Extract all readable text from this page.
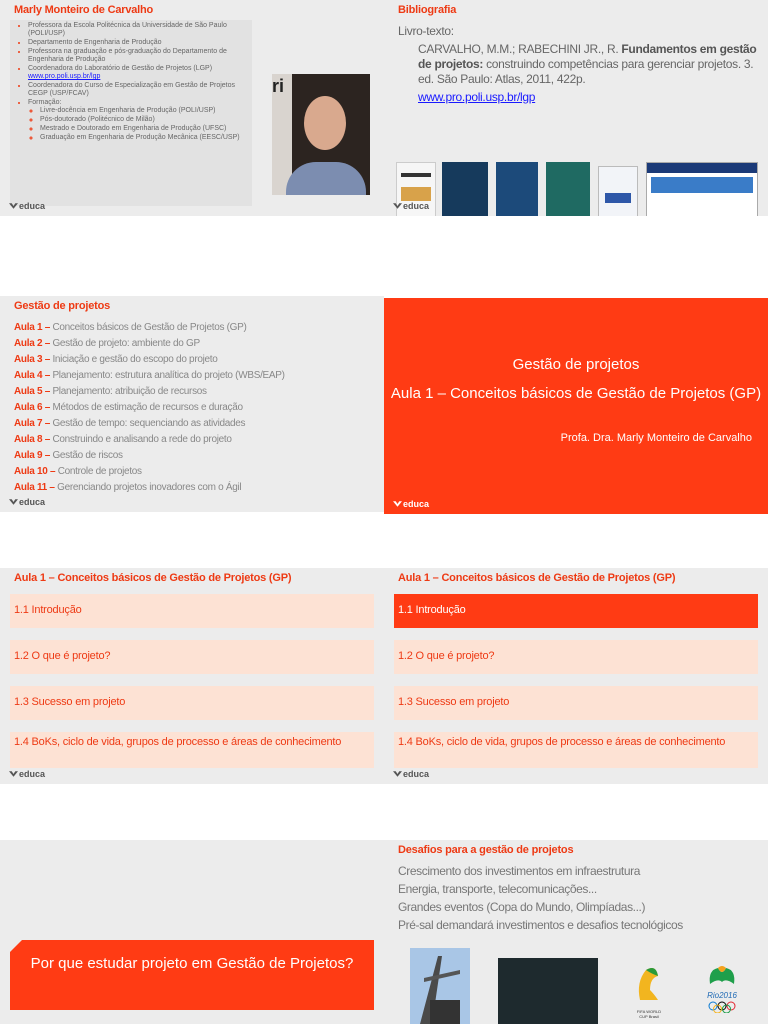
Marly Monteiro de Carvalho
• Professora da Escola Politécnica da Universidade de São Paulo (POLI/USP)
• Departamento de Engenharia de Produção
• Professora na graduação e pós-graduação do Departamento de Engenharia de Produção
• Coordenadora do Laboratório de Gestão de Projetos (LGP)
www.pro.poli.usp.br/lgp
• Coordenadora do Curso de Especialização em Gestão de Projetos CEGP (USP/FCAV)
• Formação:
◦ Livre-docência em Engenharia de Produção (POLI/USP)
◦ Pós-doutorado (Politécnico de Milão)
◦ Mestrado e Doutorado em Engenharia de Produção (UFSC)
◦ Graduação em Engenharia de Produção Mecânica (EESC/USP)
ri
educa
Bibliografia
Livro-texto:
CARVALHO, M.M.; RABECHINI JR., R. Fundamentos em gestão de projetos: construindo competências para gerenciar projetos. 3. ed. São Paulo: Atlas, 2011, 422p.
www.pro.poli.usp.br/lgp
educa
Gestão de projetos
Aula 1 – Conceitos básicos de Gestão de Projetos (GP)
Aula 2 – Gestão de projeto: ambiente do GP
Aula 3 – Iniciação e gestão do escopo do projeto
Aula 4 – Planejamento: estrutura analítica do projeto (WBS/EAP)
Aula 5 – Planejamento: atribuição de recursos
Aula 6 – Métodos de estimação de recursos e duração
Aula 7 – Gestão de tempo: sequenciando as atividades
Aula 8 – Construindo e analisando a rede do projeto
Aula 9 – Gestão de riscos
Aula 10 – Controle de projetos
Aula 11 – Gerenciando projetos inovadores com o Ágil
educa
Gestão de projetos
Aula 1 – Conceitos básicos de Gestão de Projetos (GP)
Profa. Dra. Marly Monteiro de Carvalho
educa
Aula 1 – Conceitos básicos de Gestão de Projetos (GP)
1.1 Introdução
1.2 O que é projeto?
1.3 Sucesso em projeto
1.4 BoKs, ciclo de vida, grupos de processo e áreas de conhecimento
educa
Aula 1 – Conceitos básicos de Gestão de Projetos (GP)
1.1 Introdução
1.2 O que é projeto?
1.3 Sucesso em projeto
1.4 BoKs, ciclo de vida, grupos de processo e áreas de conhecimento
educa
Por que estudar projeto em Gestão de Projetos?
Desafios para a gestão de projetos
Crescimento dos investimentos em infraestrutura
Energia, transporte, telecomunicações...
Grandes eventos (Copa do Mundo, Olimpíadas...)
Pré-sal demandará investimentos e desafios tecnológicos
FIFA WORLD CUP Brasil
Rio2016
